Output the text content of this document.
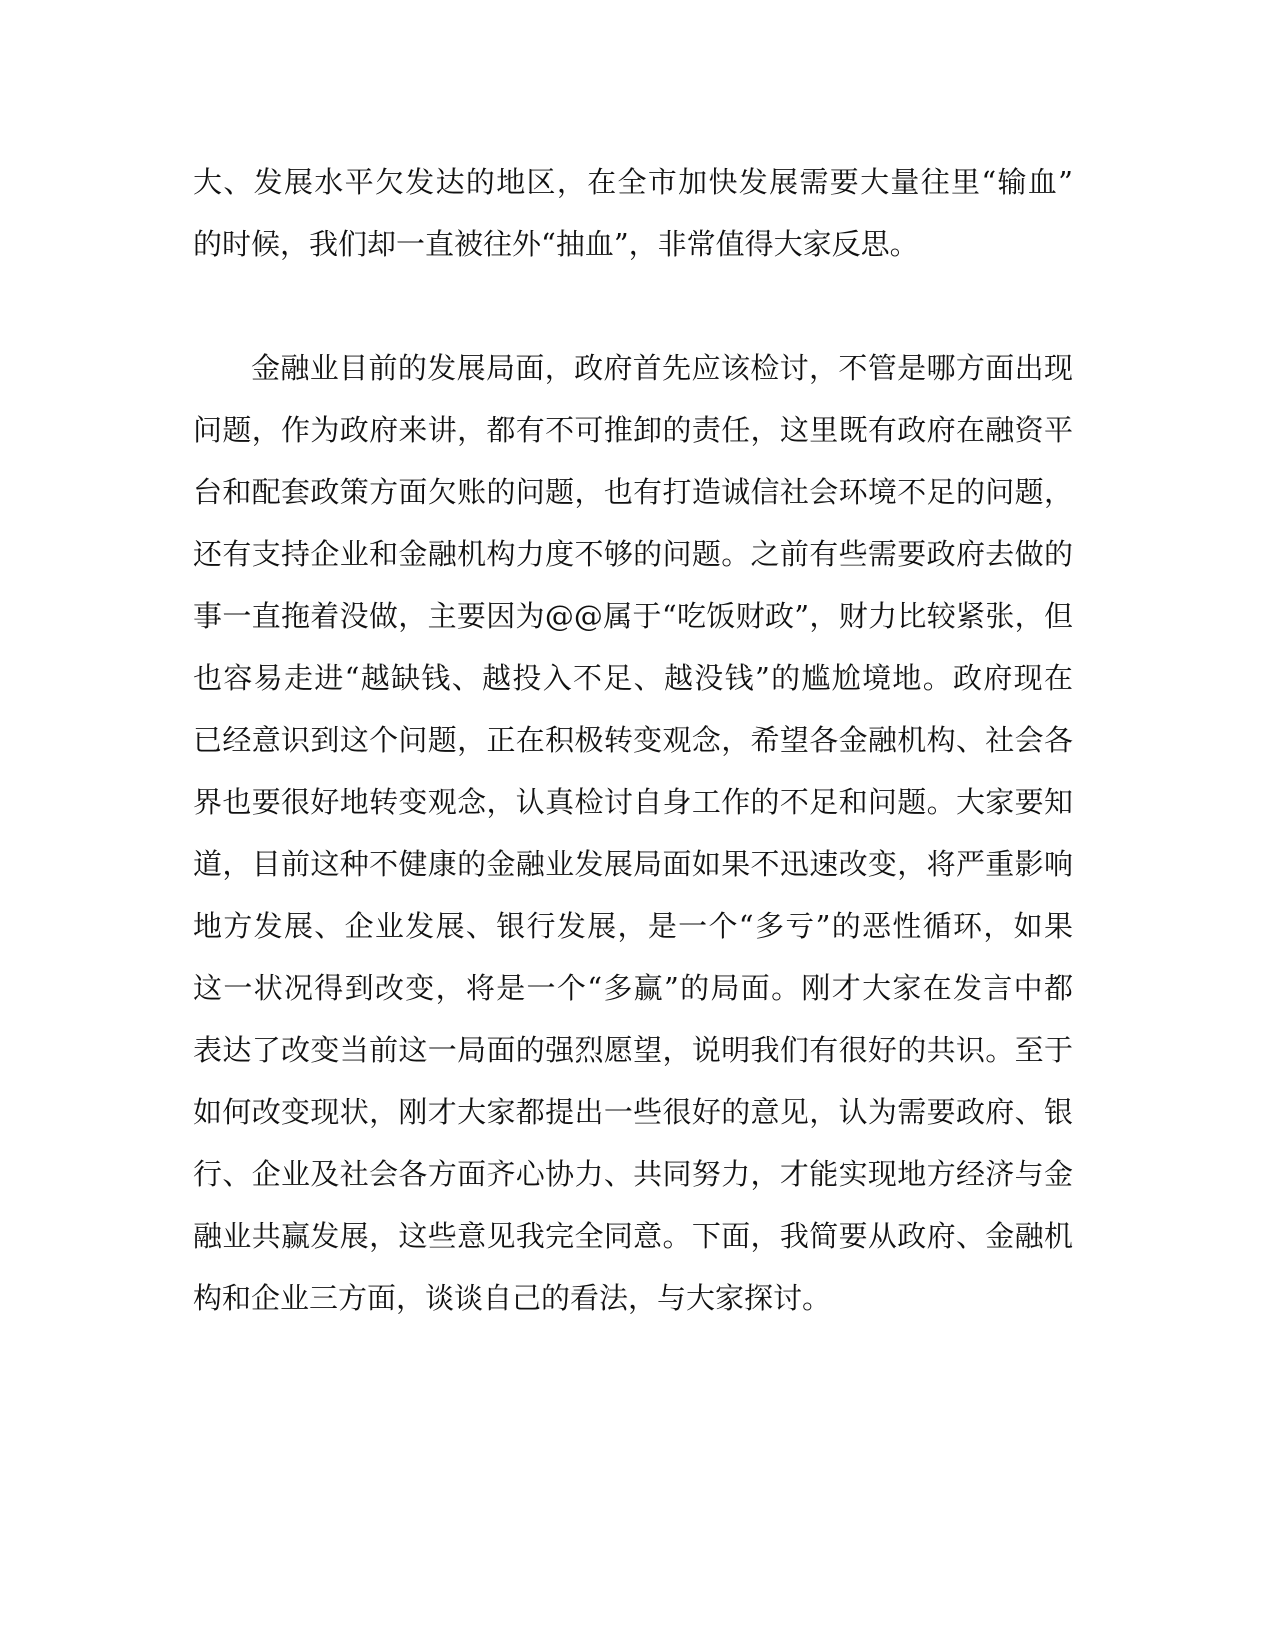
大、发展水平欠发达的地区，在全市加快发展需要大量往里“输血”
的时候，我们却一直被往外“抽血”，非常值得大家反思。
金融业目前的发展局面，政府首先应该检讨，不管是哪方面出现
问题，作为政府来讲，都有不可推卸的责任，这里既有政府在融资平
台和配套政策方面欠账的问题，也有打造诚信社会环境不足的问题，
还有支持企业和金融机构力度不够的问题。之前有些需要政府去做的
事一直拖着没做，主要因为@@属于“吃饭财政”，财力比较紧张，但
也容易走进“越缺钱、越投入不足、越没钱”的尴尬境地。政府现在
已经意识到这个问题，正在积极转变观念，希望各金融机构、社会各
界也要很好地转变观念，认真检讨自身工作的不足和问题。大家要知
道，目前这种不健康的金融业发展局面如果不迅速改变，将严重影响
地方发展、企业发展、银行发展，是一个“多亏”的恶性循环，如果
这一状况得到改变，将是一个“多赢”的局面。刚才大家在发言中都
表达了改变当前这一局面的强烈愿望，说明我们有很好的共识。至于
如何改变现状，刚才大家都提出一些很好的意见，认为需要政府、银
行、企业及社会各方面齐心协力、共同努力，才能实现地方经济与金
融业共赢发展，这些意见我完全同意。下面，我简要从政府、金融机
构和企业三方面，谈谈自己的看法，与大家探讨。
